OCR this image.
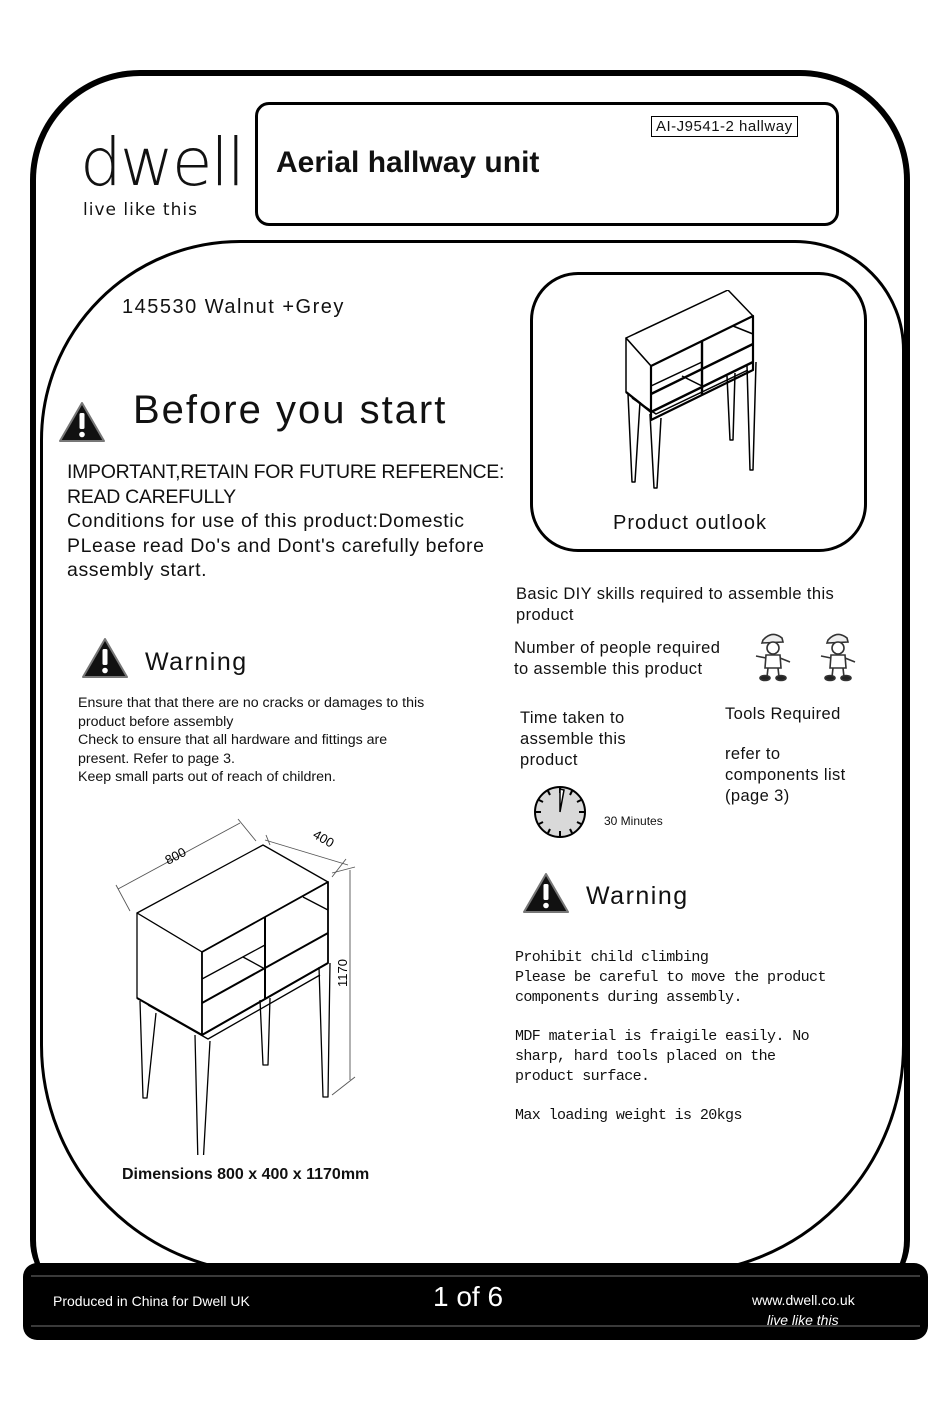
dwell
live like this
Aerial hallway unit
AI-J9541-2 hallway
145530 Walnut +Grey
Before you start
IMPORTANT,RETAIN FOR FUTURE REFERENCE:
READ CAREFULLY
Conditions for use of this product:Domestic
PLease read Do's and Dont's carefully before
assembly start.
Warning
Ensure that that there are no cracks or damages to this
product before assembly
Check to ensure that all hardware and fittings are
present. Refer to page 3.
Keep small parts out of reach of children.
Product outlook
Basic DIY skills required to assemble this
product
Number of people required
to assemble this product
Time taken to
assemble this
product
30 Minutes
Tools Required
refer to
components list
(page 3)
800
400
1170
Dimensions 800 x 400 x 1170mm
Warning
Prohibit child climbing
Please be careful to move the product
components during assembly.
MDF material is fraigile easily. No
sharp, hard tools placed on the
product surface.
Max loading weight is 20kgs
Produced in China for Dwell UK	1 of 6	www.dwell.co.uk
live like this
